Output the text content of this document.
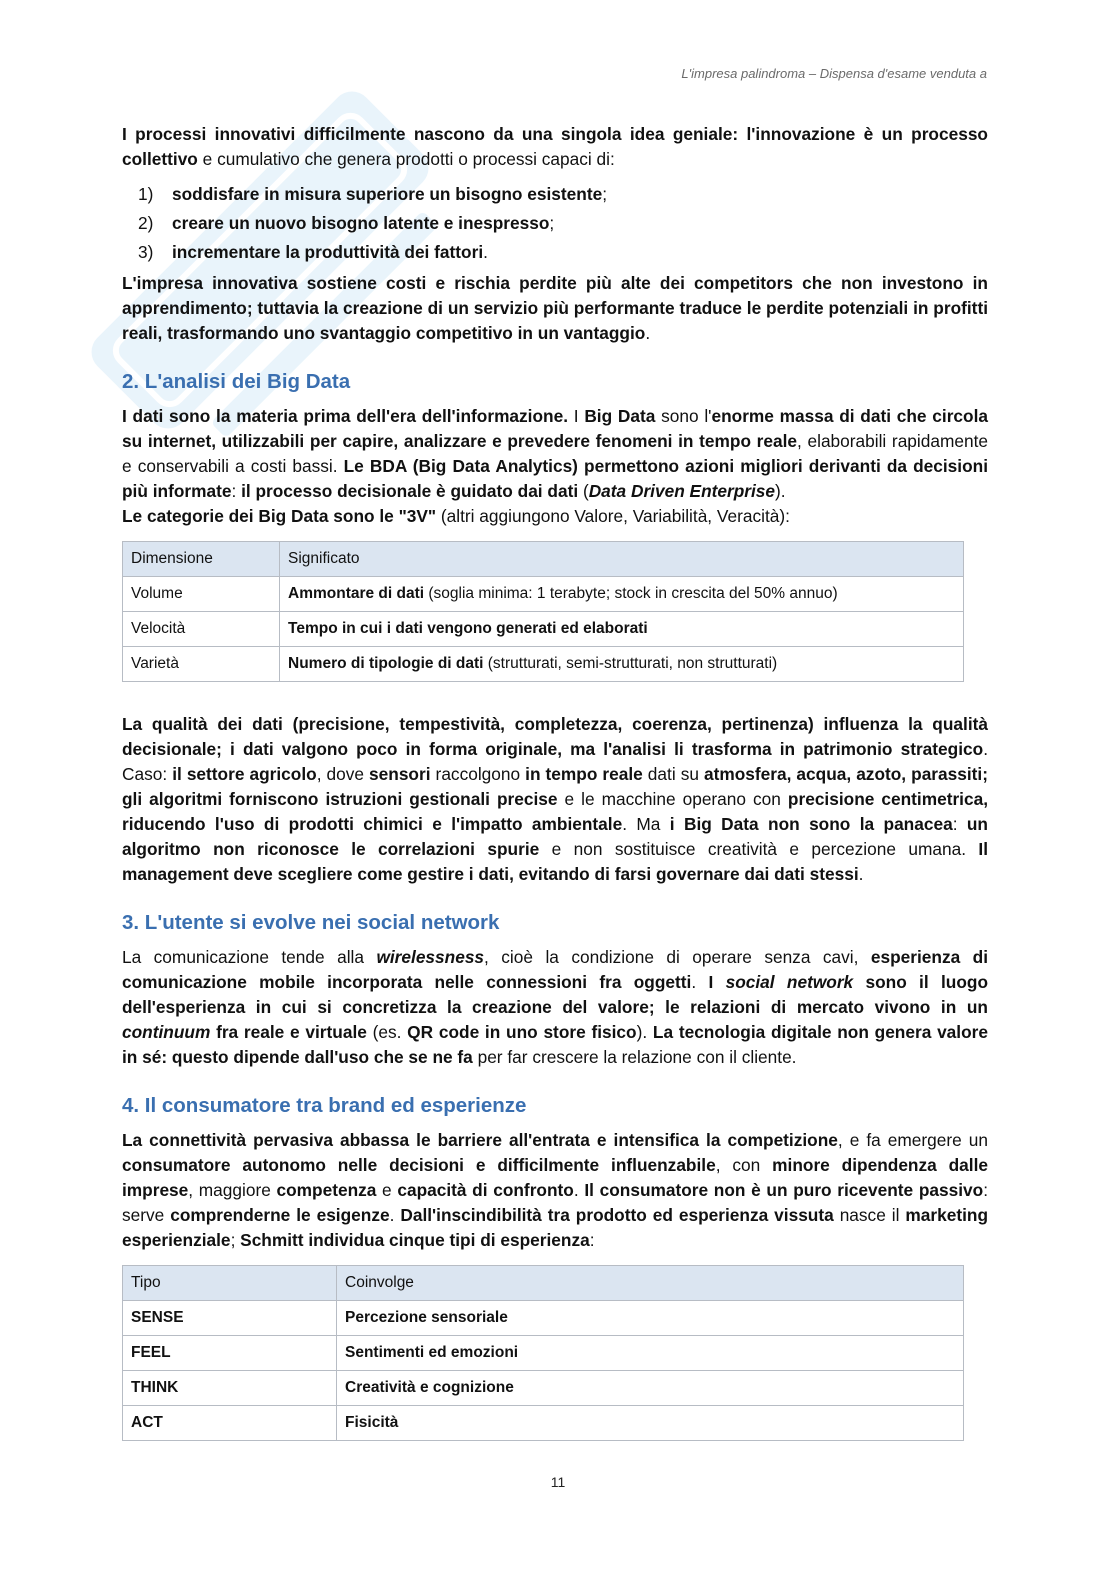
L'impresa palindroma – Dispensa d'esame venduta a

I processi innovativi difficilmente nascono da una singola idea geniale: l'innovazione è un processo collettivo e cumulativo che genera prodotti o processi capaci di:

1)	soddisfare in misura superiore un bisogno esistente;
2)	creare un nuovo bisogno latente e inespresso;
3)	incrementare la produttività dei fattori.

L'impresa innovativa sostiene costi e rischia perdite più alte dei competitors che non investono in apprendimento; tuttavia la creazione di un servizio più performante traduce le perdite potenziali in profitti reali, trasformando uno svantaggio competitivo in un vantaggio.

2. L'analisi dei Big Data

I dati sono la materia prima dell'era dell'informazione. I Big Data sono l'enorme massa di dati che circola su internet, utilizzabili per capire, analizzare e prevedere fenomeni in tempo reale, elaborabili rapidamente e conservabili a costi bassi. Le BDA (Big Data Analytics) permettono azioni migliori derivanti da decisioni più informate: il processo decisionale è guidato dai dati (Data Driven Enterprise).
Le categorie dei Big Data sono le "3V" (altri aggiungono Valore, Variabilità, Veracità):

Dimensione	Significato
Volume	Ammontare di dati (soglia minima: 1 terabyte; stock in crescita del 50% annuo)
Velocità	Tempo in cui i dati vengono generati ed elaborati
Varietà	Numero di tipologie di dati (strutturati, semi-strutturati, non strutturati)

La qualità dei dati (precisione, tempestività, completezza, coerenza, pertinenza) influenza la qualità decisionale; i dati valgono poco in forma originale, ma l'analisi li trasforma in patrimonio strategico. Caso: il settore agricolo, dove sensori raccolgono in tempo reale dati su atmosfera, acqua, azoto, parassiti; gli algoritmi forniscono istruzioni gestionali precise e le macchine operano con precisione centimetrica, riducendo l'uso di prodotti chimici e l'impatto ambientale. Ma i Big Data non sono la panacea: un algoritmo non riconosce le correlazioni spurie e non sostituisce creatività e percezione umana. Il management deve scegliere come gestire i dati, evitando di farsi governare dai dati stessi.

3. L'utente si evolve nei social network

La comunicazione tende alla wirelessness, cioè la condizione di operare senza cavi, esperienza di comunicazione mobile incorporata nelle connessioni fra oggetti. I social network sono il luogo dell'esperienza in cui si concretizza la creazione del valore; le relazioni di mercato vivono in un continuum fra reale e virtuale (es. QR code in uno store fisico). La tecnologia digitale non genera valore in sé: questo dipende dall'uso che se ne fa per far crescere la relazione con il cliente.

4. Il consumatore tra brand ed esperienze

La connettività pervasiva abbassa le barriere all'entrata e intensifica la competizione, e fa emergere un consumatore autonomo nelle decisioni e difficilmente influenzabile, con minore dipendenza dalle imprese, maggiore competenza e capacità di confronto. Il consumatore non è un puro ricevente passivo: serve comprenderne le esigenze. Dall'inscindibilità tra prodotto ed esperienza vissuta nasce il marketing esperienziale; Schmitt individua cinque tipi di esperienza:

Tipo	Coinvolge
SENSE	Percezione sensoriale
FEEL	Sentimenti ed emozioni
THINK	Creatività e cognizione
ACT	Fisicità
11
